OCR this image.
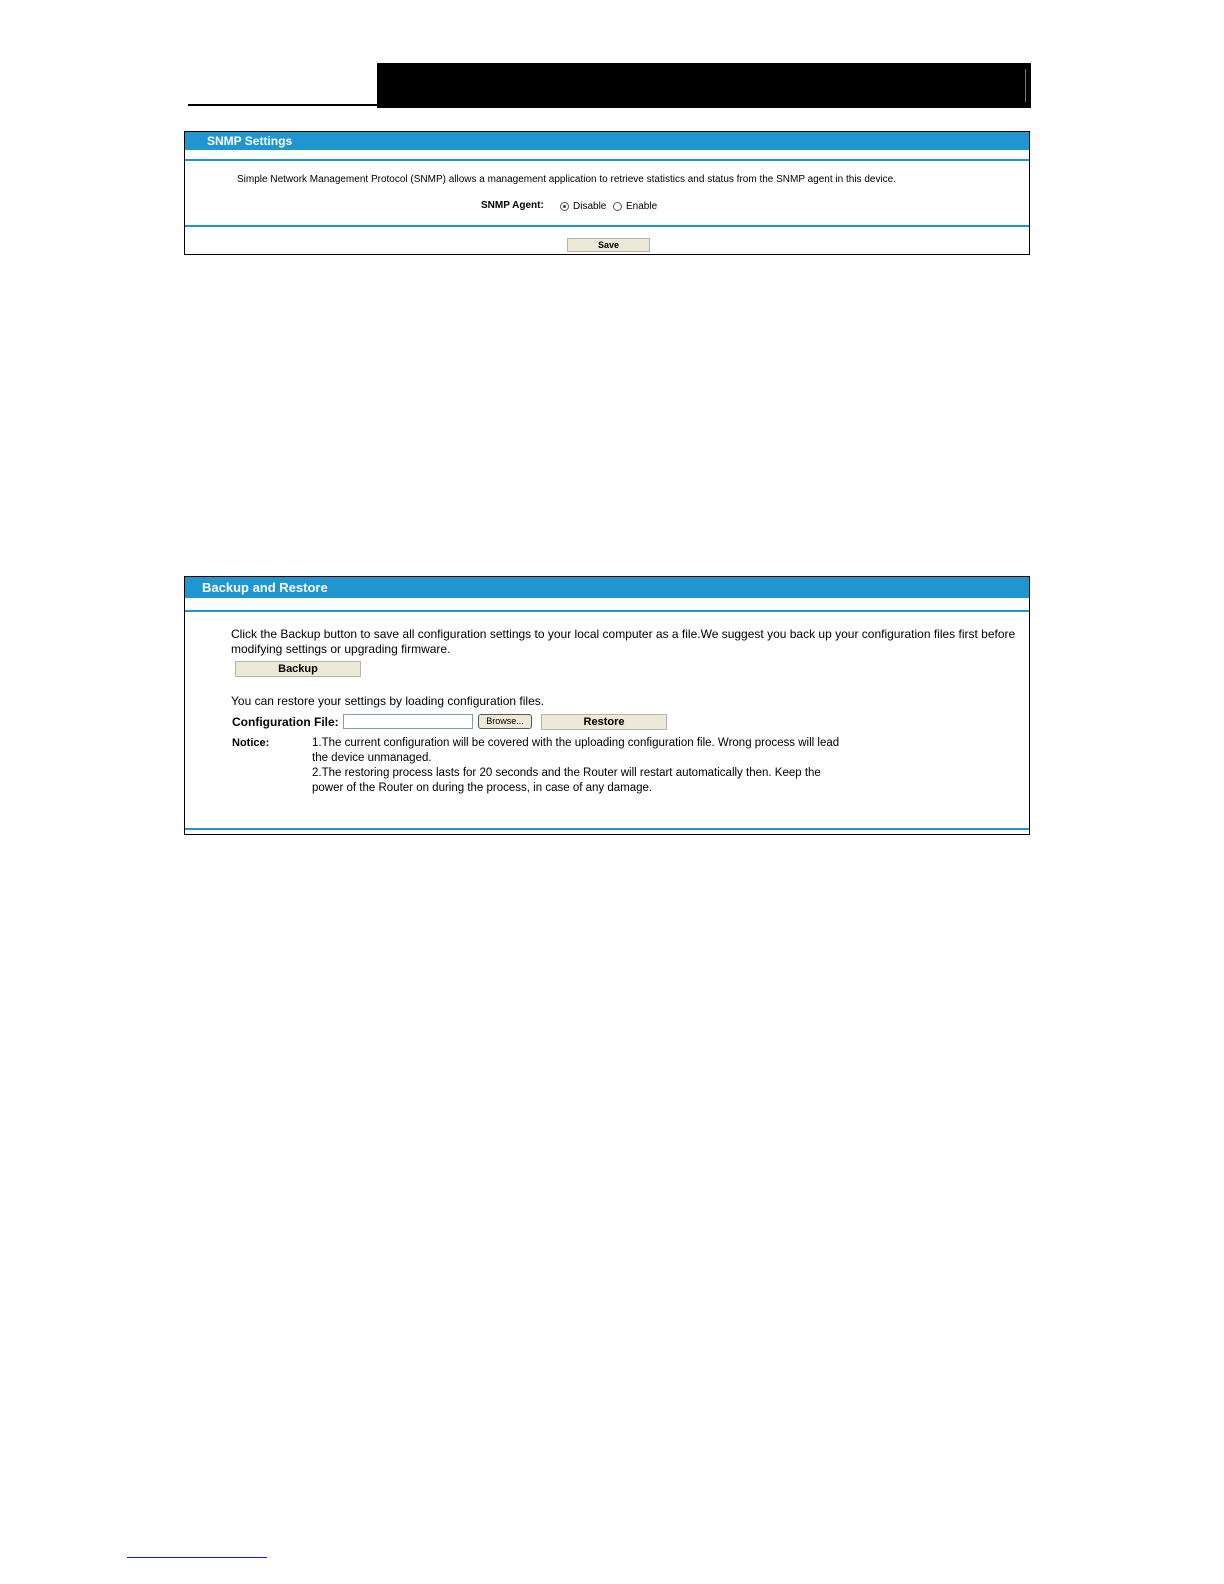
SNMP Settings
Simple Network Management Protocol (SNMP) allows a management application to retrieve statistics and status from the SNMP agent in this device.
SNMP Agent:	Disable Enable
Save
Backup and Restore
Click the Backup button to save all configuration settings to your local computer as a file.We suggest you back up your configuration files first before
modifying settings or upgrading firmware.
Backup
You can restore your settings by loading configuration files.
Configuration File:	Browse...	Restore
Notice:	1.The current configuration will be covered with the uploading configuration file. Wrong process will lead
the device unmanaged.
2.The restoring process lasts for 20 seconds and the Router will restart automatically then. Keep the
power of the Router on during the process, in case of any damage.
